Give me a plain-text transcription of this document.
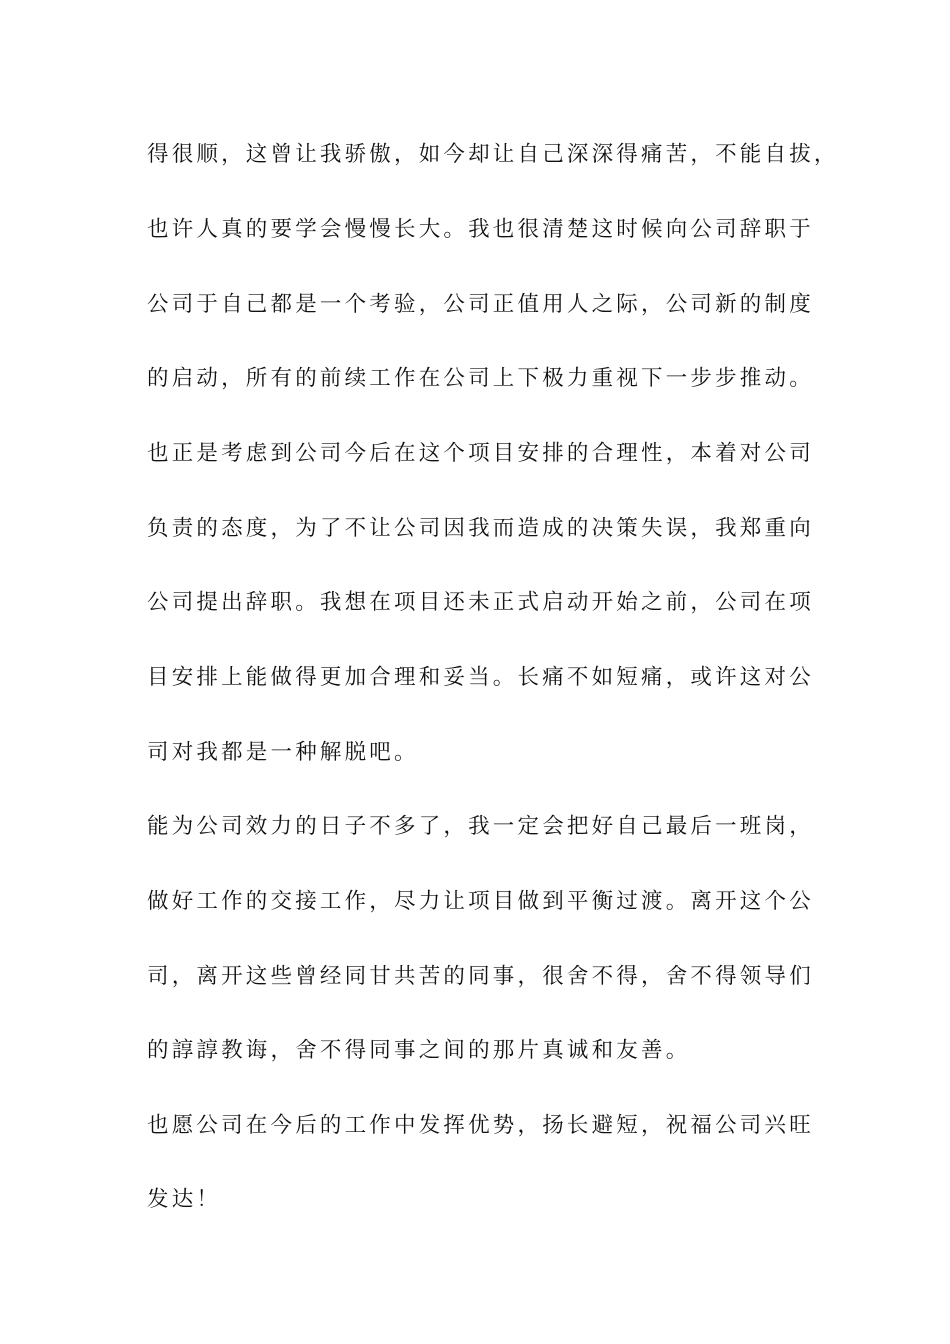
得很顺，这曾让我骄傲，如今却让自己深深得痛苦，不能自拔，
也许人真的要学会慢慢长大。我也很清楚这时候向公司辞职于
公司于自己都是一个考验，公司正值用人之际，公司新的制度
的启动，所有的前续工作在公司上下极力重视下一步步推动。
也正是考虑到公司今后在这个项目安排的合理性，本着对公司
负责的态度，为了不让公司因我而造成的决策失误，我郑重向
公司提出辞职。我想在项目还未正式启动开始之前，公司在项
目安排上能做得更加合理和妥当。长痛不如短痛，或许这对公
司对我都是一种解脱吧。
能为公司效力的日子不多了，我一定会把好自己最后一班岗，
做好工作的交接工作，尽力让项目做到平衡过渡。离开这个公
司，离开这些曾经同甘共苦的同事，很舍不得，舍不得领导们
的諄諄教诲，舍不得同事之间的那片真诚和友善。
也愿公司在今后的工作中发挥优势，扬长避短，祝福公司兴旺
发达！
